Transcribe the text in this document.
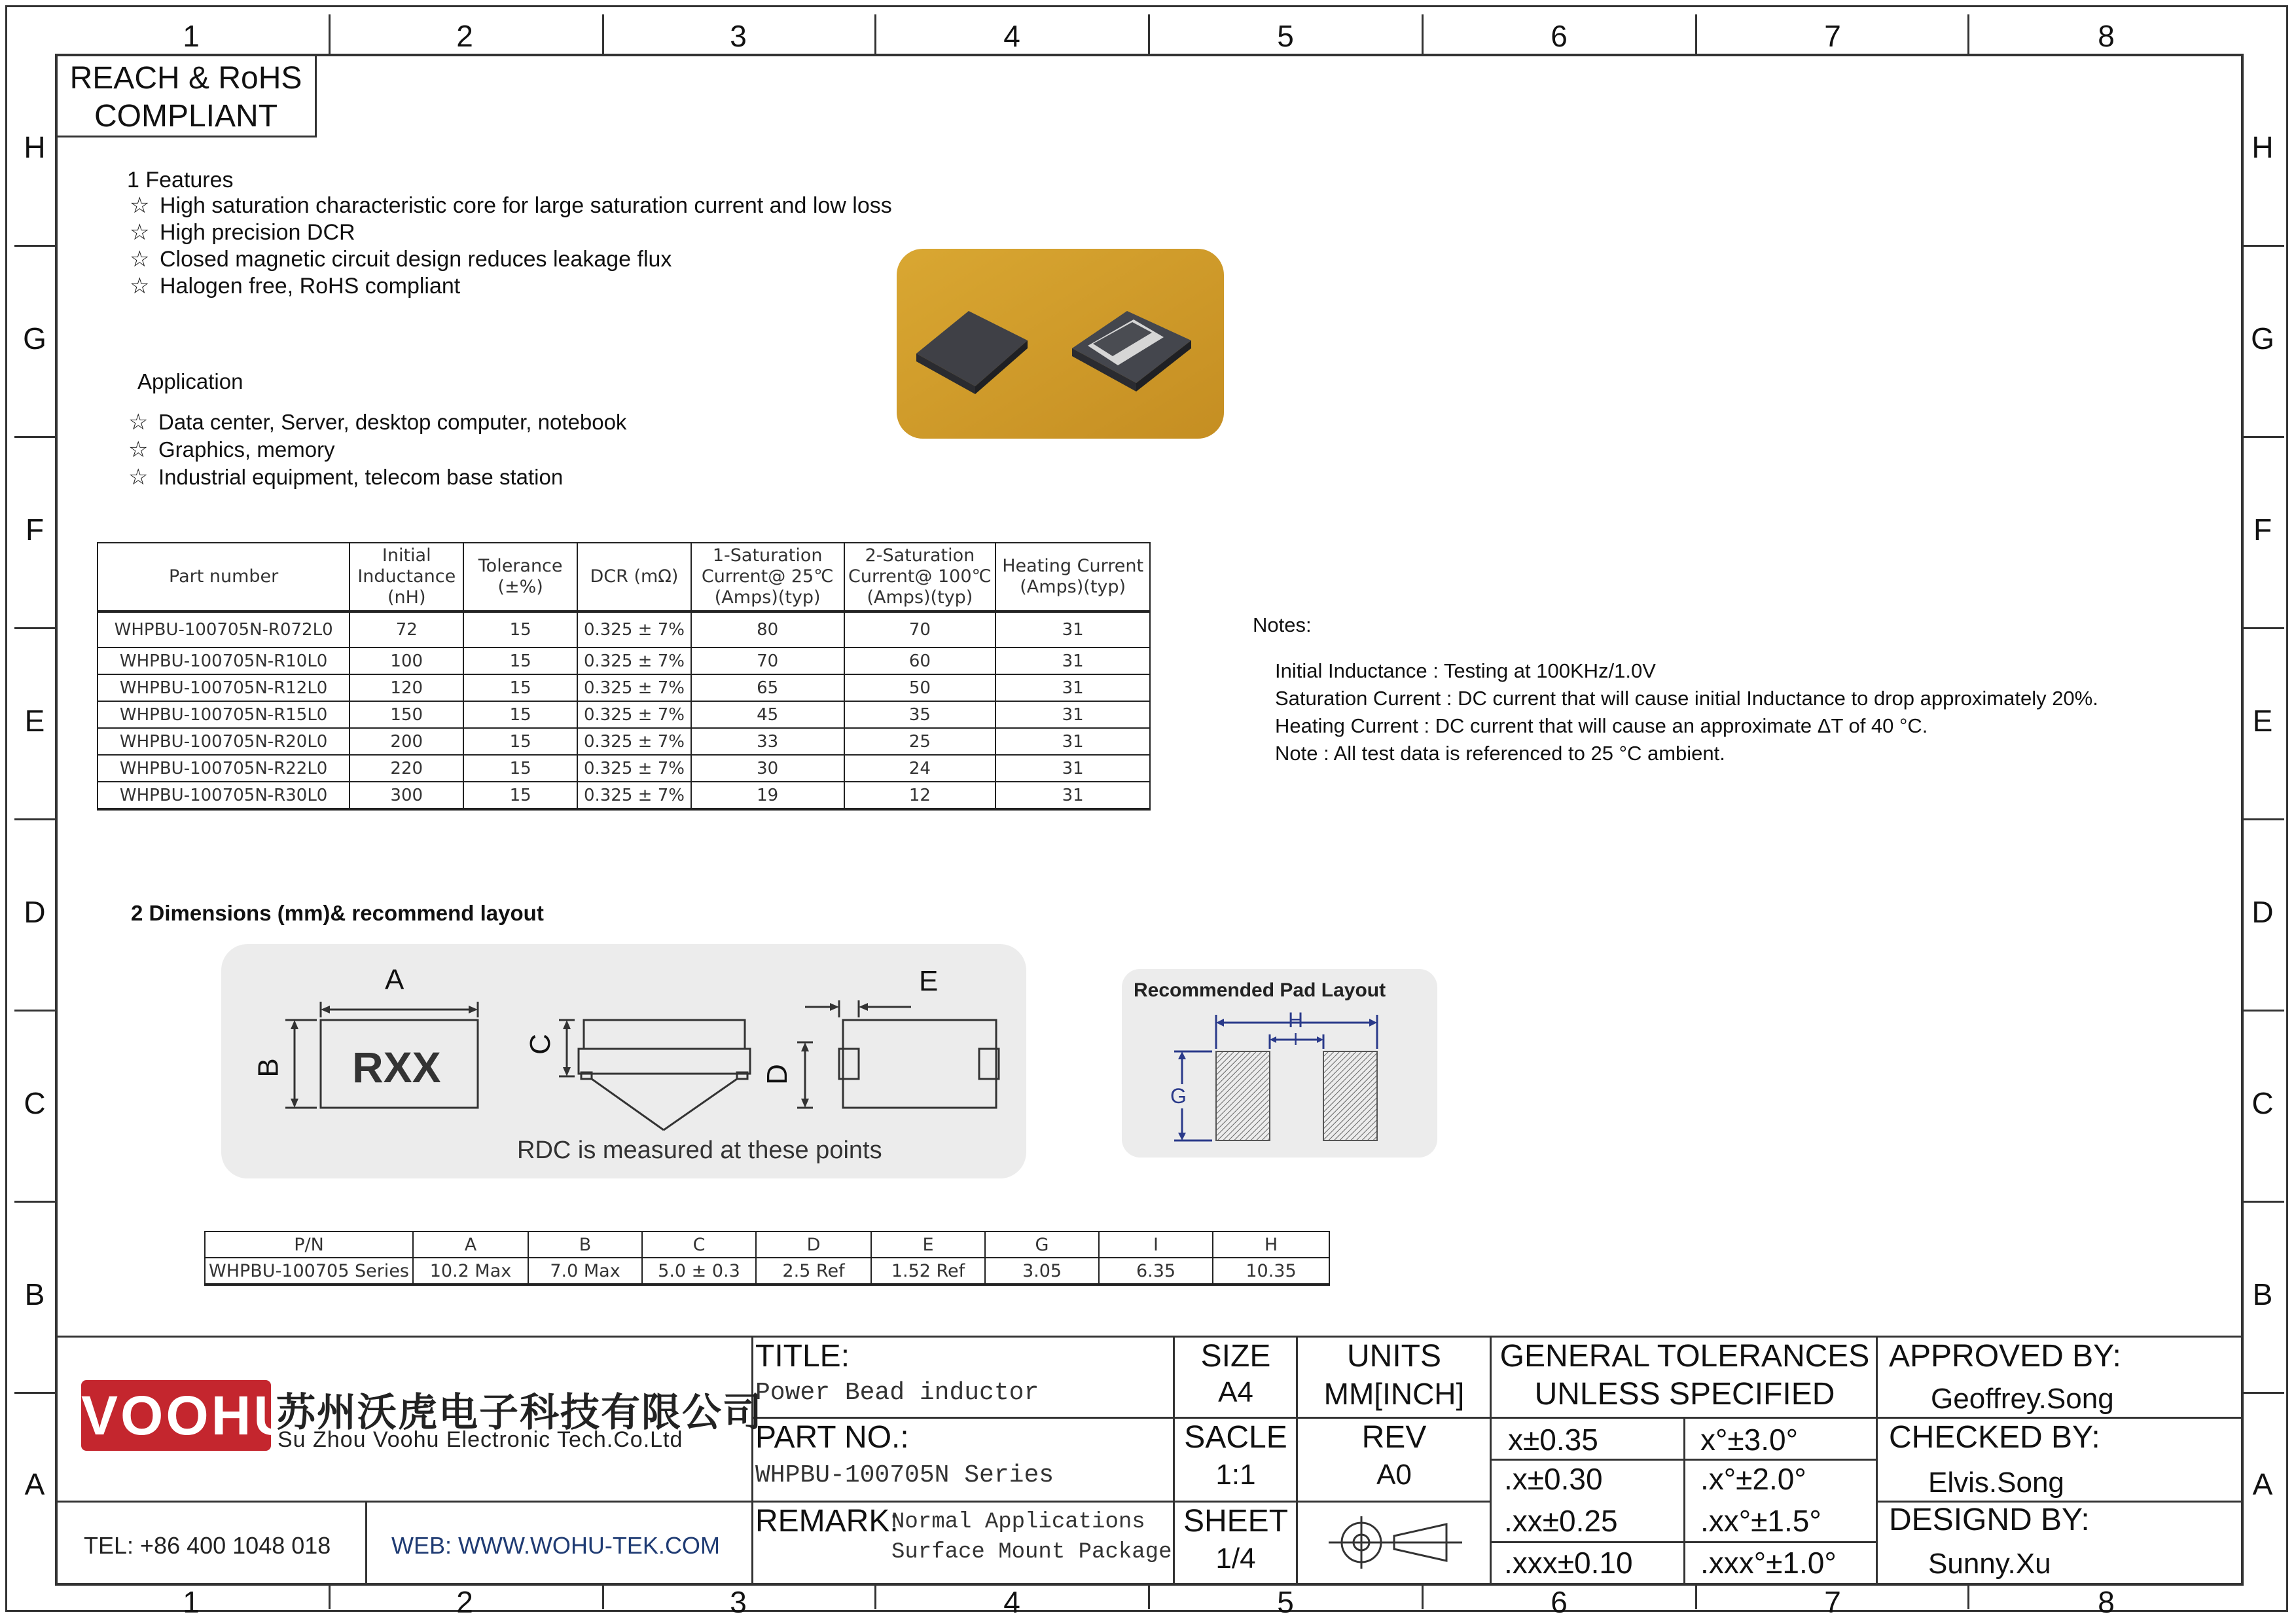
1	2	3	4	5	6	7	8
1	2	3	4	5	6	7	8
H
G
F
E
D
C
B
A
H
G
F
E
D
C
B
A
REACH & RoHS
COMPLIANT
1 Features
☆ High saturation characteristic core for large saturation current and low loss
☆ High precision DCR
☆ Closed magnetic circuit design reduces leakage flux
☆ Halogen free, RoHS compliant
Application
☆ Data center, Server, desktop computer, notebook
☆ Graphics, memory
☆ Industrial equipment, telecom base station
Part number	Initial Inductance (nH)	Tolerance (±%)	DCR (mΩ)	1-Saturation Current@ 25℃ (Amps)(typ)	2-Saturation Current@ 100℃ (Amps)(typ)	Heating Current (Amps)(typ)
WHPBU-100705N-R072L0	72	15	0.325 ± 7%	80	70	31
WHPBU-100705N-R10L0	100	15	0.325 ± 7%	70	60	31
WHPBU-100705N-R12L0	120	15	0.325 ± 7%	65	50	31
WHPBU-100705N-R15L0	150	15	0.325 ± 7%	45	35	31
WHPBU-100705N-R20L0	200	15	0.325 ± 7%	33	25	31
WHPBU-100705N-R22L0	220	15	0.325 ± 7%	30	24	31
WHPBU-100705N-R30L0	300	15	0.325 ± 7%	19	12	31
Notes:
Initial Inductance : Testing at 100KHz/1.0V
Saturation Current : DC current that will cause initial Inductance to drop approximately 20%.
Heating Current : DC current that will cause an approximate ΔT of 40 °C.
Note : All test data is referenced to 25 °C ambient.
2 Dimensions (mm)& recommend layout
A
B RXX	C
D
E
RDC is measured at these points
Recommended Pad Layout
H
I
G
P/N	A	B	C	D	E	G	I	H
WHPBU-100705 Series	10.2 Max	7.0 Max	5.0 ± 0.3	2.5 Ref	1.52 Ref	3.05	6.35	10.35
VOOHU
苏州沃虎电子科技有限公司
Su Zhou Voohu Electronic Tech.Co.Ltd
TEL: +86 400 1048 018	WEB: WWW.WOHU-TEK.COM
TITLE:
Power Bead inductor
PART NO.:
WHPBU-100705N Series
REMARK:
Normal Applications
Surface Mount Package
SIZE
A4
SACLE
1:1
SHEET
1/4
UNITS
MM[INCH]
REV
A0
GENERAL TOLERANCES
UNLESS SPECIFIED
x±0.35	x°±3.0°
.x±0.30	.x°±2.0°
.xx±0.25	.xx°±1.5°
.xxx±0.10 .xxx°±1.0°
APPROVED BY:
Geoffrey.Song
CHECKED BY:
Elvis.Song
DESIGND BY:
Sunny.Xu
